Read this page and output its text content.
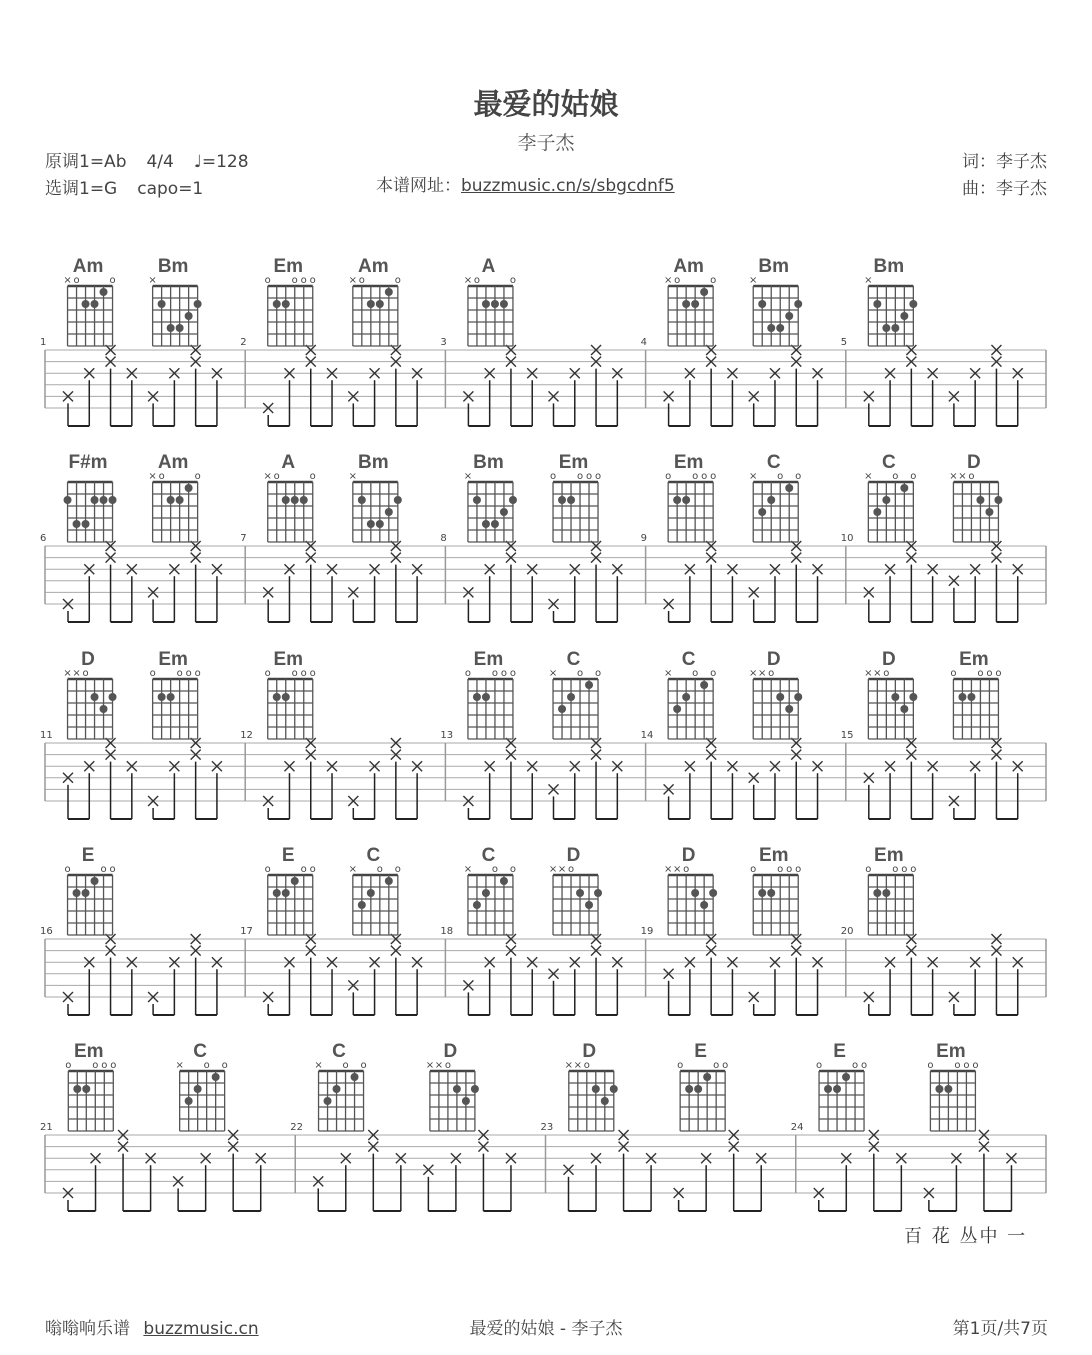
最爱的姑娘
李子杰
原调1=Ab 4/4 ♩=128
选调1=G capo=1	本谱网址：buzzmusic.cn/s/sbgcdnf5
词：李子杰
曲：李子杰
1	2	3	4	5
Am
× o	o
Bm
×
Em
o o o o
Am
× o	o
A
× o	o
Am
× o	o
Bm
×
Bm
×
6	7	8	9	10
F#m	Am
× o	o
A
× o	o
Bm
×
Bm
×
Em
o o o o
Em
o o o o
C
× o o
C
× o o
D
× × o
11	12	13	14	15
D
× × o
Em
o o o o
Em
o o o o
Em
o o o o
C
× o o
C
× o o
D
× × o
D
× × o
Em
o o o o
16	17	18	19	20
E
o	o o
E
o	o o
C
× o o
C
× o o
D
× × o
D
× × o
Em
o o o o
Em
o o o o
21	22	23	24
Em
o o o o
C
× o o
C
× o o
D
× × o
D
× × o
E
o	o o
E
o	o o
Em
o o o o
百 花 丛中 一
嗡嗡响乐谱 buzzmusic.cn	最爱的姑娘 - 李子杰	第1页/共7页
